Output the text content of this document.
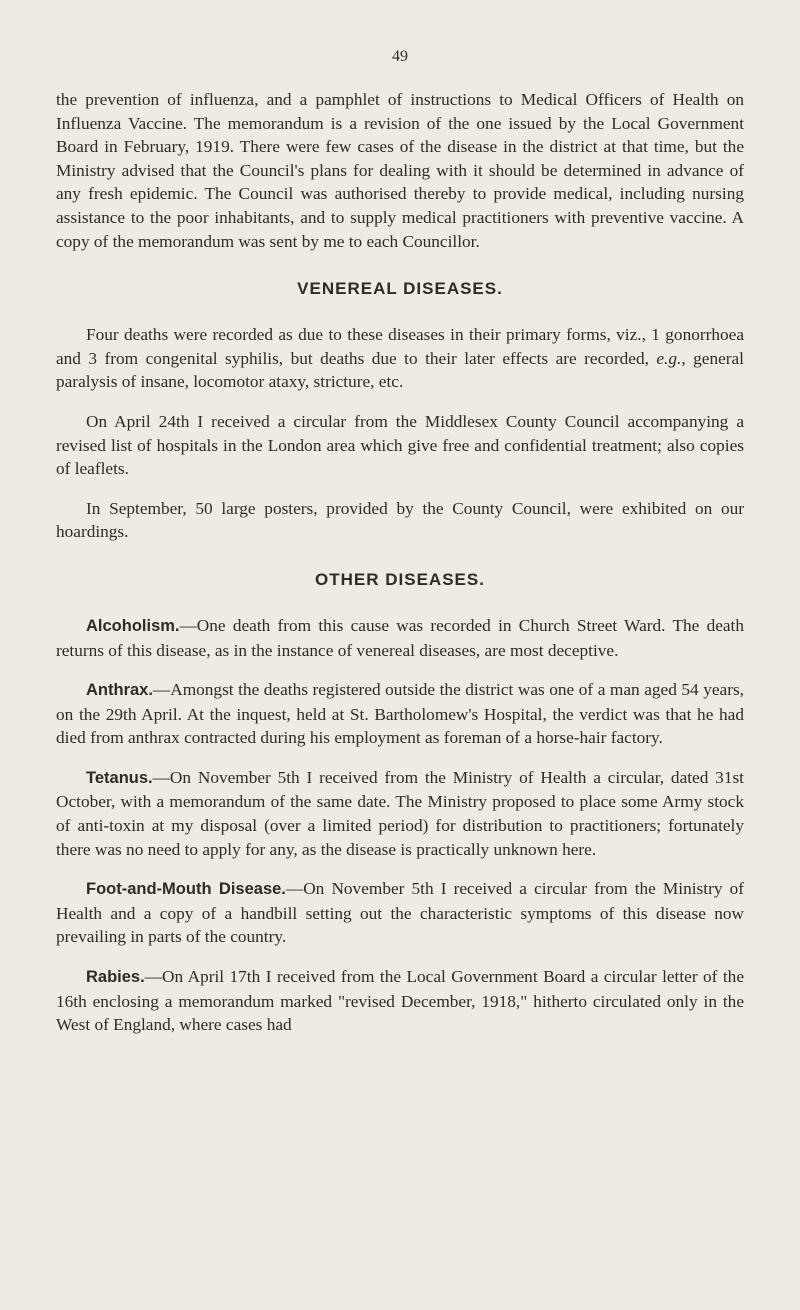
49

the prevention of influenza, and a pamphlet of instructions to Medical Officers of Health on Influenza Vaccine. The memorandum is a revision of the one issued by the Local Government Board in February, 1919. There were few cases of the disease in the district at that time, but the Ministry advised that the Council's plans for dealing with it should be determined in advance of any fresh epidemic. The Council was authorised thereby to provide medical, including nursing assistance to the poor inhabitants, and to supply medical practitioners with preventive vaccine. A copy of the memorandum was sent by me to each Councillor.

VENEREAL DISEASES.

Four deaths were recorded as due to these diseases in their primary forms, viz., 1 gonorrhoea and 3 from congenital syphilis, but deaths due to their later effects are recorded, e.g., general paralysis of insane, locomotor ataxy, stricture, etc.

On April 24th I received a circular from the Middlesex County Council accompanying a revised list of hospitals in the London area which give free and confidential treatment; also copies of leaflets.

In September, 50 large posters, provided by the County Council, were exhibited on our hoardings.

OTHER DISEASES.

Alcoholism.—One death from this cause was recorded in Church Street Ward. The death returns of this disease, as in the instance of venereal diseases, are most deceptive.

Anthrax.—Amongst the deaths registered outside the district was one of a man aged 54 years, on the 29th April. At the inquest, held at St. Bartholomew's Hospital, the verdict was that he had died from anthrax contracted during his employment as foreman of a horse-hair factory.

Tetanus.—On November 5th I received from the Ministry of Health a circular, dated 31st October, with a memorandum of the same date. The Ministry proposed to place some Army stock of anti-toxin at my disposal (over a limited period) for distribution to practitioners; fortunately there was no need to apply for any, as the disease is practically unknown here.

Foot-and-Mouth Disease.—On November 5th I received a circular from the Ministry of Health and a copy of a handbill setting out the characteristic symptoms of this disease now prevailing in parts of the country.

Rabies.—On April 17th I received from the Local Government Board a circular letter of the 16th enclosing a memorandum marked "revised December, 1918," hitherto circulated only in the West of England, where cases had
